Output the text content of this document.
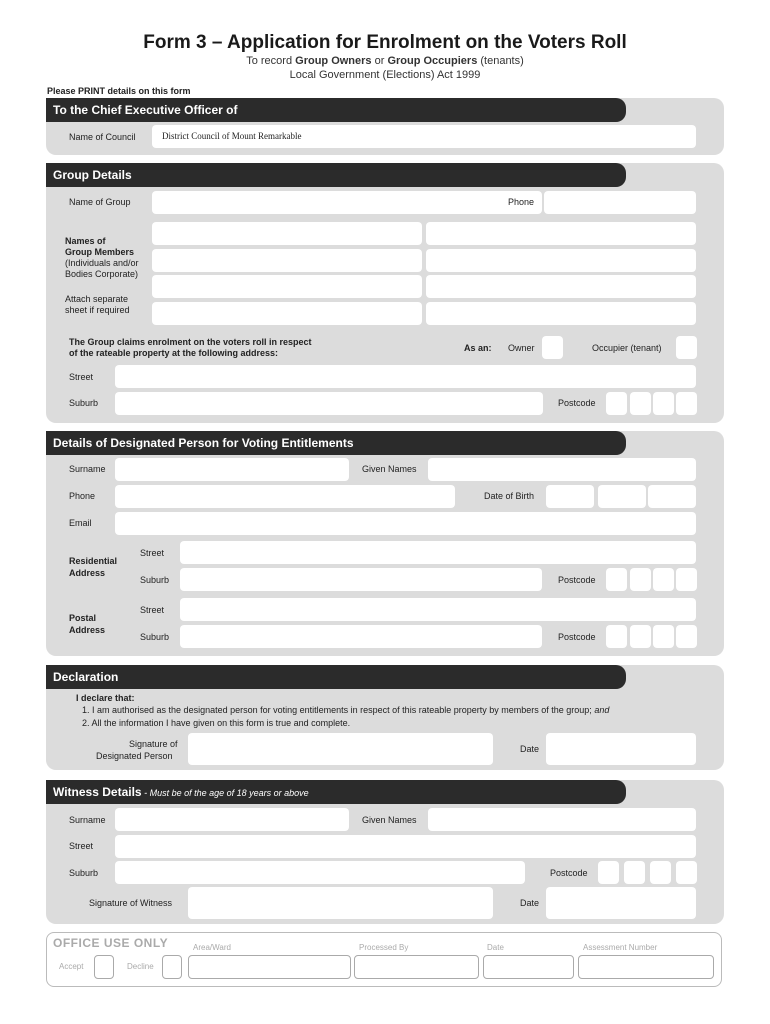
Form 3 – Application for Enrolment on the Voters Roll
To record Group Owners or Group Occupiers (tenants)
Local Government (Elections) Act 1999
Please PRINT details on this form
To the Chief Executive Officer of
Name of Council	District Council of Mount Remarkable
Group Details
Name of Group	Phone
Names of
Group Members
(Individuals and/or
Bodies Corporate)
Attach separate
sheet if required
The Group claims enrolment on the voters roll in respect
of the rateable property at the following address:	As an: Owner	Occupier (tenant)
Street
Suburb	Postcode
Details of Designated Person for Voting Entitlements
Surname	Given Names
Phone	Date of Birth
Email
Residential
Address
Street
Suburb	Postcode
Postal
Address
Street
Suburb	Postcode
Declaration
I declare that:
1. I am authorised as the designated person for voting entitlements in respect of this rateable property by members of the group; and
2. All the information I have given on this form is true and complete.
Signature of
Designated Person
Date
Witness Details - Must be of the age of 18 years or above
Surname	Given Names
Street
Suburb	Postcode
Signature of Witness	Date
OFFICE USE ONLY
Accept	Decline
Area/Ward	Processed By	Date	Assessment Number
